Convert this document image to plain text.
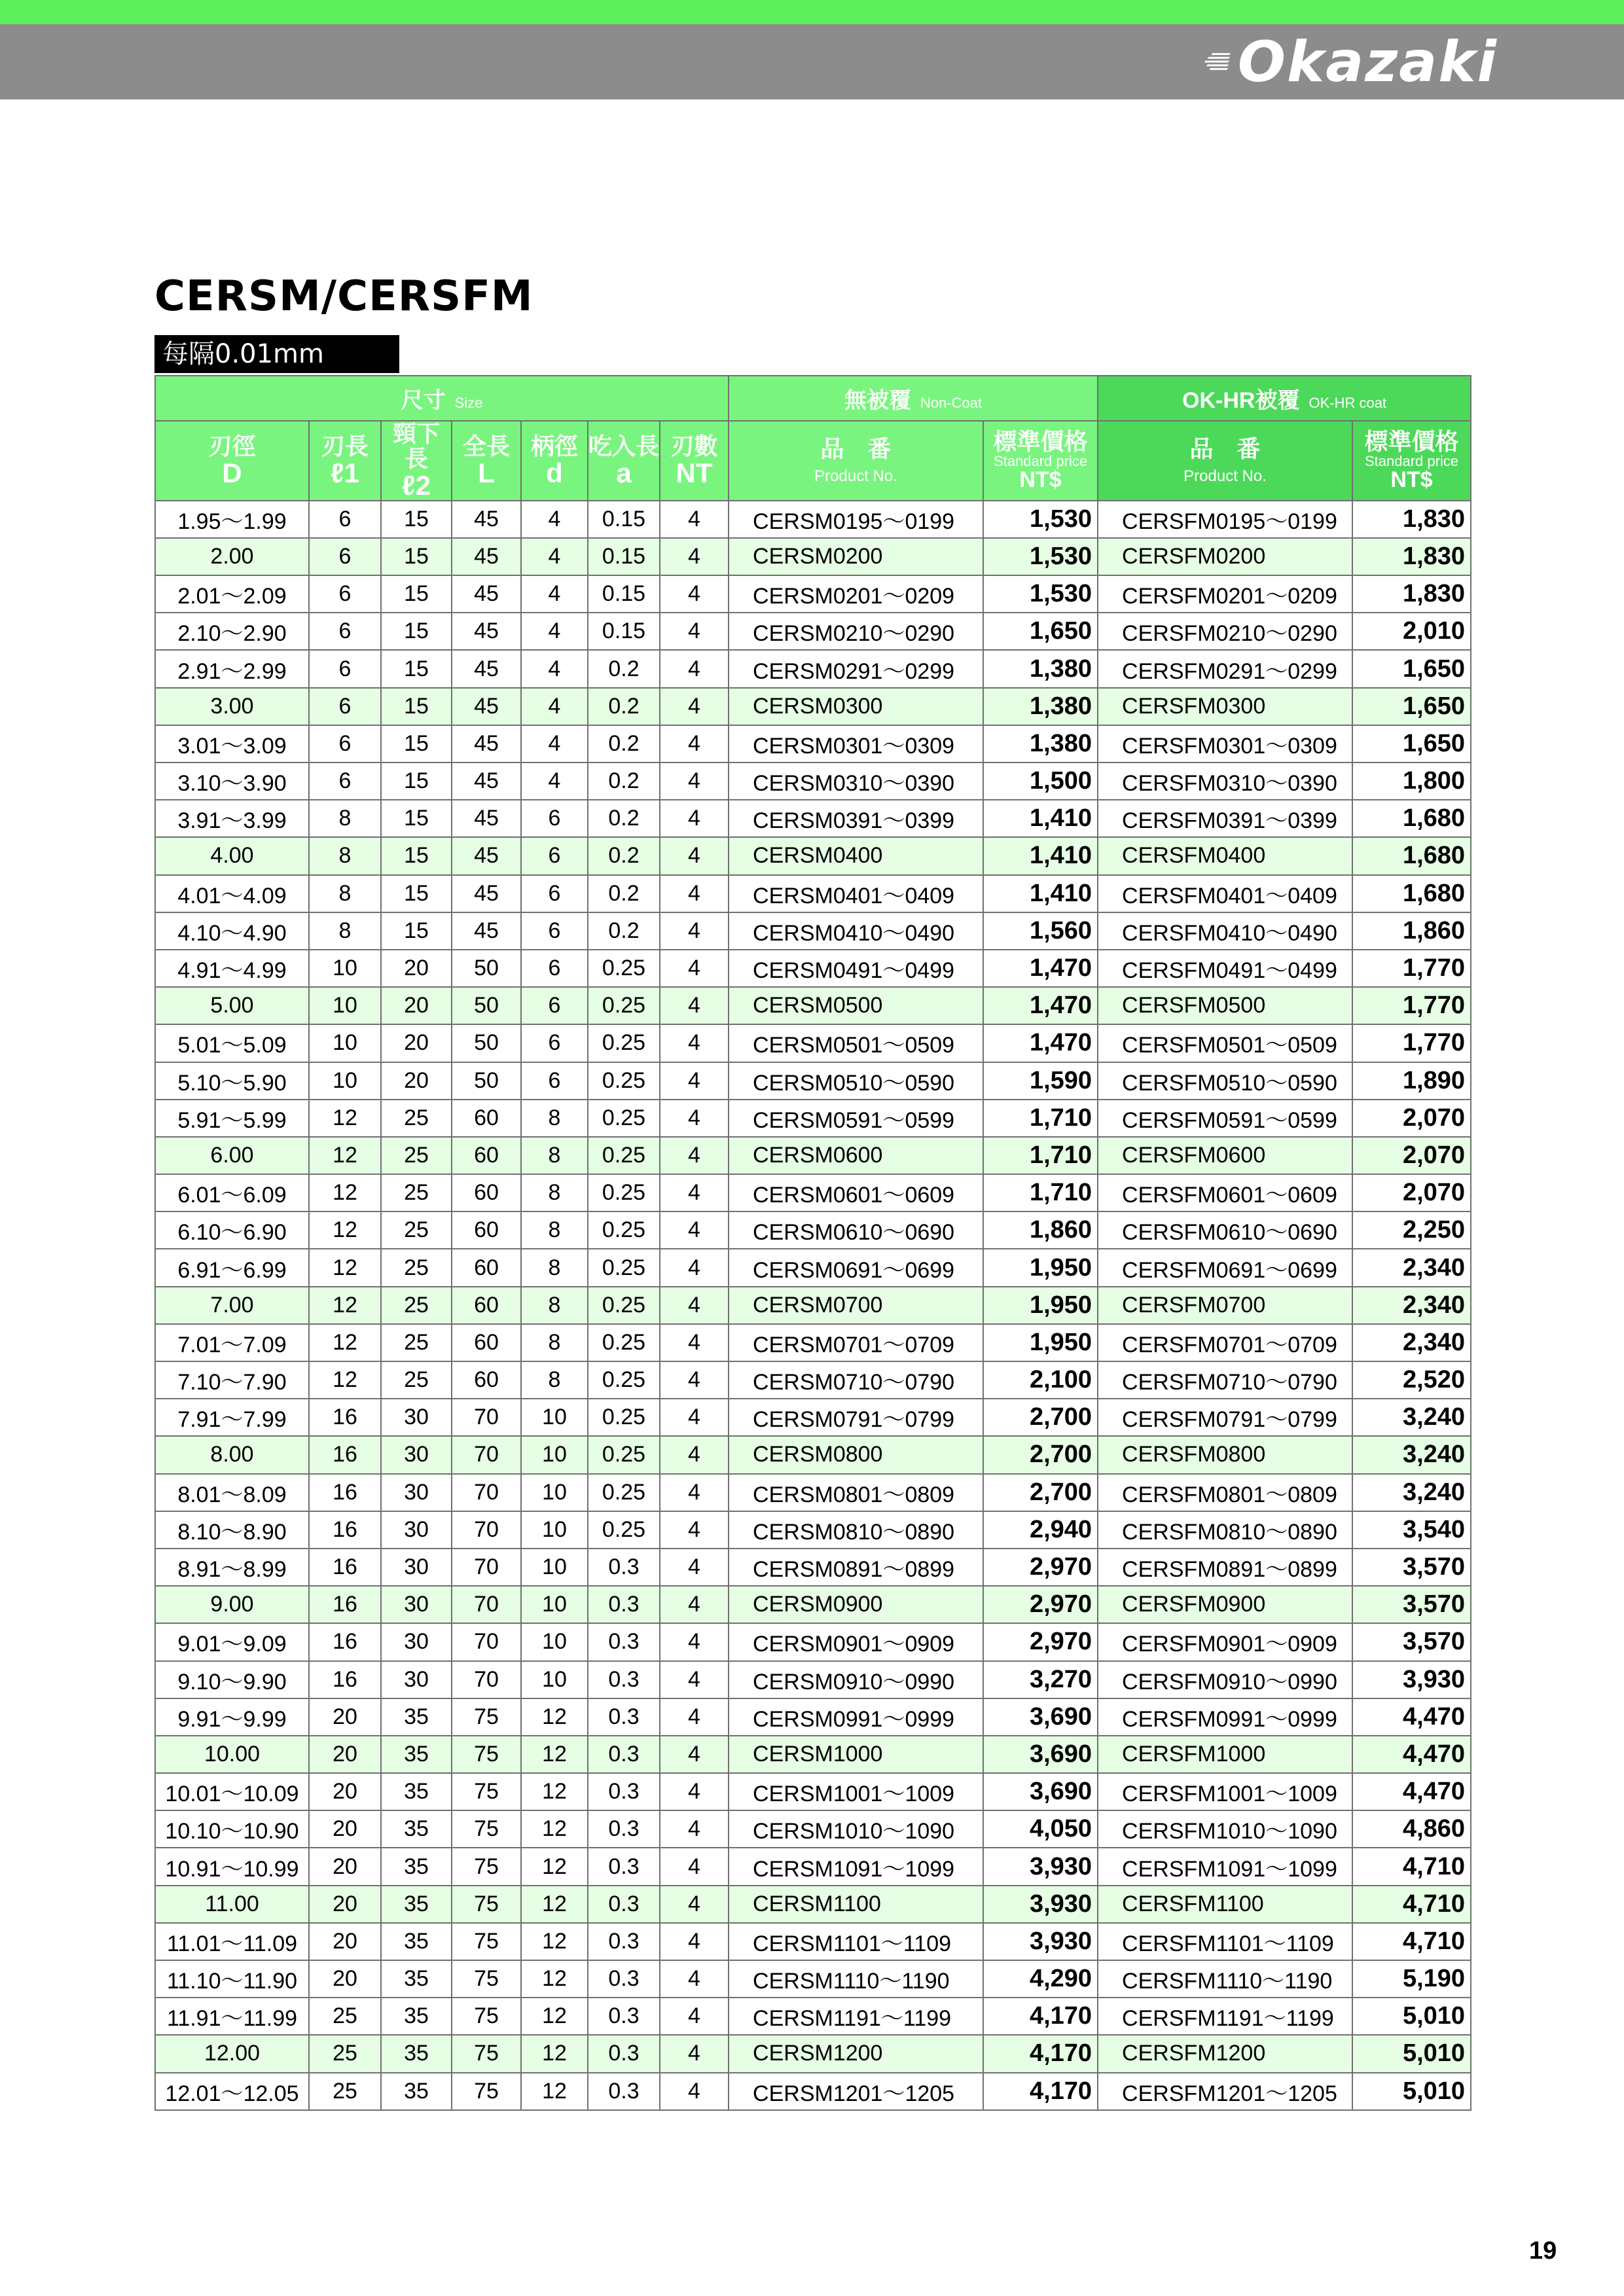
Okazaki
CERSM/CERSFM
每隔0.01mm
尺寸 Size							無被覆 Non-Coat		OK-HR被覆 OK-HR coat	

刃徑
D	刃長
ℓ1	頸下長
ℓ2	全長
L	柄徑
d	吃入長
a	刃數
NT	品　番
Product No.	標準價格
Standard price
NT$	品　番
Product No.	標準價格
Standard price
NT$

1.95～1.99	6	15	45	4	0.15	4	CERSM0195～0199	1,530	CERSFM0195～0199	1,830
2.00	6	15	45	4	0.15	4	CERSM0200	1,530	CERSFM0200	1,830
2.01～2.09	6	15	45	4	0.15	4	CERSM0201～0209	1,530	CERSFM0201～0209	1,830
2.10～2.90	6	15	45	4	0.15	4	CERSM0210～0290	1,650	CERSFM0210～0290	2,010
2.91～2.99	6	15	45	4	0.2	4	CERSM0291～0299	1,380	CERSFM0291～0299	1,650
3.00	6	15	45	4	0.2	4	CERSM0300	1,380	CERSFM0300	1,650
3.01～3.09	6	15	45	4	0.2	4	CERSM0301～0309	1,380	CERSFM0301～0309	1,650
3.10～3.90	6	15	45	4	0.2	4	CERSM0310～0390	1,500	CERSFM0310～0390	1,800
3.91～3.99	8	15	45	6	0.2	4	CERSM0391～0399	1,410	CERSFM0391～0399	1,680
4.00	8	15	45	6	0.2	4	CERSM0400	1,410	CERSFM0400	1,680
4.01～4.09	8	15	45	6	0.2	4	CERSM0401～0409	1,410	CERSFM0401～0409	1,680
4.10～4.90	8	15	45	6	0.2	4	CERSM0410～0490	1,560	CERSFM0410～0490	1,860
4.91～4.99	10	20	50	6	0.25	4	CERSM0491～0499	1,470	CERSFM0491～0499	1,770
5.00	10	20	50	6	0.25	4	CERSM0500	1,470	CERSFM0500	1,770
5.01～5.09	10	20	50	6	0.25	4	CERSM0501～0509	1,470	CERSFM0501～0509	1,770
5.10～5.90	10	20	50	6	0.25	4	CERSM0510～0590	1,590	CERSFM0510～0590	1,890
5.91～5.99	12	25	60	8	0.25	4	CERSM0591～0599	1,710	CERSFM0591～0599	2,070
6.00	12	25	60	8	0.25	4	CERSM0600	1,710	CERSFM0600	2,070
6.01～6.09	12	25	60	8	0.25	4	CERSM0601～0609	1,710	CERSFM0601～0609	2,070
6.10～6.90	12	25	60	8	0.25	4	CERSM0610～0690	1,860	CERSFM0610～0690	2,250
6.91～6.99	12	25	60	8	0.25	4	CERSM0691～0699	1,950	CERSFM0691～0699	2,340
7.00	12	25	60	8	0.25	4	CERSM0700	1,950	CERSFM0700	2,340
7.01～7.09	12	25	60	8	0.25	4	CERSM0701～0709	1,950	CERSFM0701～0709	2,340
7.10～7.90	12	25	60	8	0.25	4	CERSM0710～0790	2,100	CERSFM0710～0790	2,520
7.91～7.99	16	30	70	10	0.25	4	CERSM0791～0799	2,700	CERSFM0791～0799	3,240
8.00	16	30	70	10	0.25	4	CERSM0800	2,700	CERSFM0800	3,240
8.01～8.09	16	30	70	10	0.25	4	CERSM0801～0809	2,700	CERSFM0801～0809	3,240
8.10～8.90	16	30	70	10	0.25	4	CERSM0810～0890	2,940	CERSFM0810～0890	3,540
8.91～8.99	16	30	70	10	0.3	4	CERSM0891～0899	2,970	CERSFM0891～0899	3,570
9.00	16	30	70	10	0.3	4	CERSM0900	2,970	CERSFM0900	3,570
9.01～9.09	16	30	70	10	0.3	4	CERSM0901～0909	2,970	CERSFM0901～0909	3,570
9.10～9.90	16	30	70	10	0.3	4	CERSM0910～0990	3,270	CERSFM0910～0990	3,930
9.91～9.99	20	35	75	12	0.3	4	CERSM0991～0999	3,690	CERSFM0991～0999	4,470
10.00	20	35	75	12	0.3	4	CERSM1000	3,690	CERSFM1000	4,470
10.01～10.09	20	35	75	12	0.3	4	CERSM1001～1009	3,690	CERSFM1001～1009	4,470
10.10～10.90	20	35	75	12	0.3	4	CERSM1010～1090	4,050	CERSFM1010～1090	4,860
10.91～10.99	20	35	75	12	0.3	4	CERSM1091～1099	3,930	CERSFM1091～1099	4,710
11.00	20	35	75	12	0.3	4	CERSM1100	3,930	CERSFM1100	4,710
11.01～11.09	20	35	75	12	0.3	4	CERSM1101～1109	3,930	CERSFM1101～1109	4,710
11.10～11.90	20	35	75	12	0.3	4	CERSM1110～1190	4,290	CERSFM1110～1190	5,190
11.91～11.99	25	35	75	12	0.3	4	CERSM1191～1199	4,170	CERSFM1191～1199	5,010
12.00	25	35	75	12	0.3	4	CERSM1200	4,170	CERSFM1200	5,010
12.01～12.05	25	35	75	12	0.3	4	CERSM1201～1205	4,170	CERSFM1201～1205	5,010
19
